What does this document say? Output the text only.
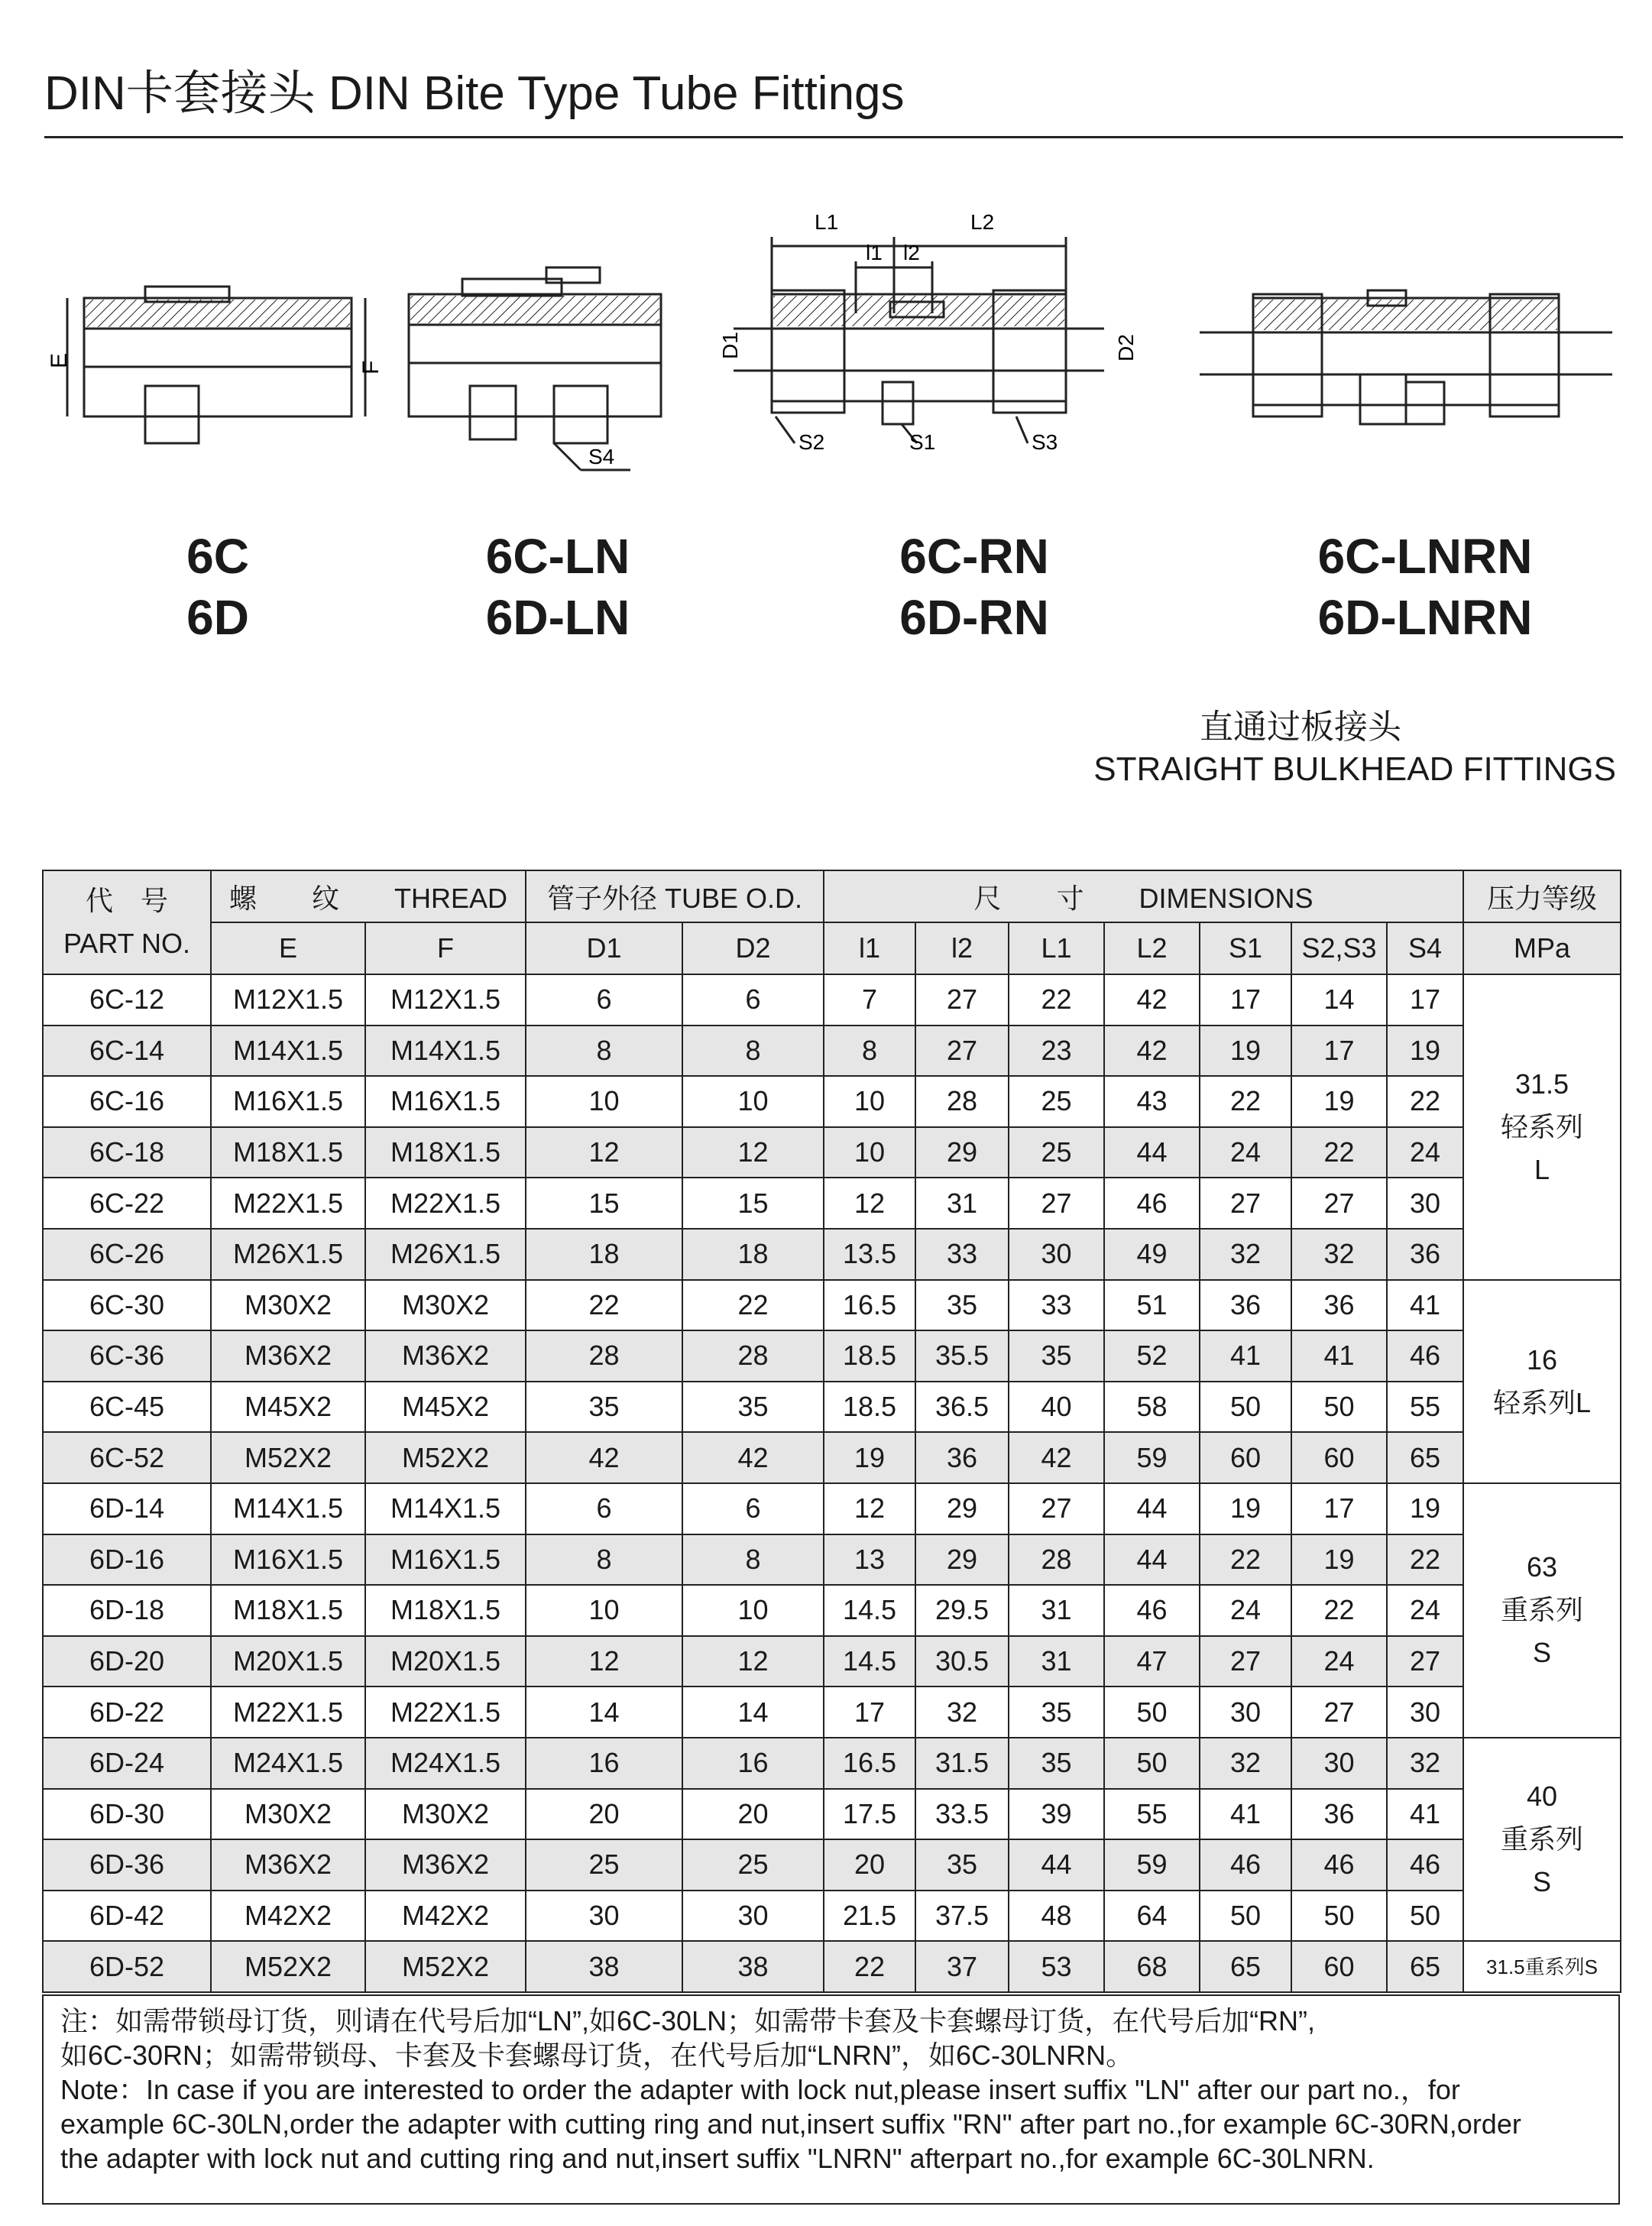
DIN卡套接头 DIN Bite Type Tube Fittings
E	F
S4
L1	L2
l1 l2
D1	D2
S2	S1	S3
6C
6D
6C-LN
6D-LN
6C-RN
6D-RN
6C-LNRN
6D-LNRN
直通过板接头
STRAIGHT BULKHEAD FITTINGS
代　号
PART NO.	螺　　纹　　THREAD		管子外径 TUBE O.D.		尺　　寸　　DIMENSIONS							压力等级
	E	F	D1	D2	l1	l2	L1	L2	S1	S2,S3	S4	MPa
6C-12	M12X1.5	M12X1.5	6	6	7	27	22	42	17	14	17	31.5
轻系列
L

6C-14	M14X1.5	M14X1.5	8	8	8	27	23	42	19	17	19	
6C-16	M16X1.5	M16X1.5	10	10	10	28	25	43	22	19	22	
6C-18	M18X1.5	M18X1.5	12	12	10	29	25	44	24	22	24	
6C-22	M22X1.5	M22X1.5	15	15	12	31	27	46	27	27	30	
6C-26	M26X1.5	M26X1.5	18	18	13.5	33	30	49	32	32	36	
6C-30	M30X2	M30X2	22	22	16.5	35	33	51	36	36	41	16
轻系列L

6C-36	M36X2	M36X2	28	28	18.5	35.5	35	52	41	41	46	
6C-45	M45X2	M45X2	35	35	18.5	36.5	40	58	50	50	55	
6C-52	M52X2	M52X2	42	42	19	36	42	59	60	60	65	
6D-14	M14X1.5	M14X1.5	6	6	12	29	27	44	19	17	19	63
重系列
S

6D-16	M16X1.5	M16X1.5	8	8	13	29	28	44	22	19	22	
6D-18	M18X1.5	M18X1.5	10	10	14.5	29.5	31	46	24	22	24	
6D-20	M20X1.5	M20X1.5	12	12	14.5	30.5	31	47	27	24	27	
6D-22	M22X1.5	M22X1.5	14	14	17	32	35	50	30	27	30	
6D-24	M24X1.5	M24X1.5	16	16	16.5	31.5	35	50	32	30	32	40
重系列
S

6D-30	M30X2	M30X2	20	20	17.5	33.5	39	55	41	36	41	
6D-36	M36X2	M36X2	25	25	20	35	44	59	46	46	46	
6D-42	M42X2	M42X2	30	30	21.5	37.5	48	64	50	50	50	
6D-52	M52X2	M52X2	38	38	22	37	53	68	65	60	65	31.5重系列S

注：如需带锁母订货，则请在代号后加“LN”,如6C-30LN；如需带卡套及卡套螺母订货，在代号后加“RN”,

如6C-30RN；如需带锁母、卡套及卡套螺母订货，在代号后加“LNRN”，如6C-30LNRN。

Note：In case if you are interested to order the adapter with lock nut,please insert suffix "LN" after our part no.，for

example 6C-30LN,order the adapter with cutting ring and nut,insert suffix "RN" after part no.,for example 6C-30RN,order

the adapter with lock nut and cutting ring and nut,insert suffix "LNRN" afterpart no.,for example 6C-30LNRN.
